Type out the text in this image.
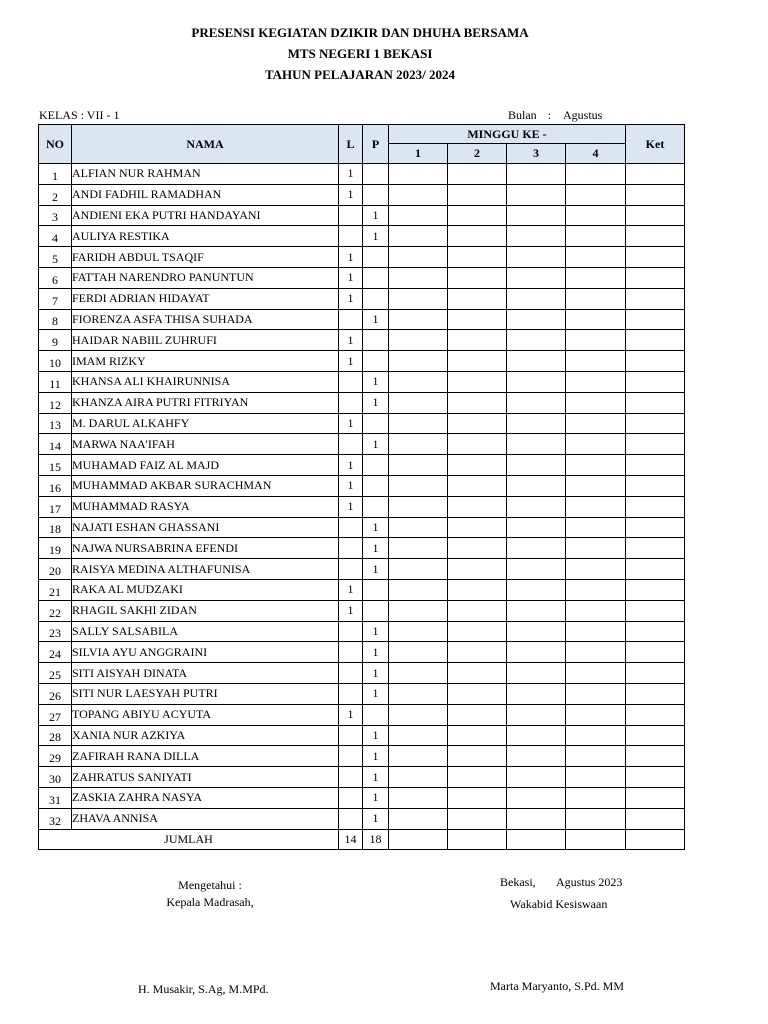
PRESENSI KEGIATAN DZIKIR DAN DHUHA BERSAMA
MTS NEGERI 1 BEKASI
TAHUN PELAJARAN 2023/ 2024
KELAS : VII - 1	Bulan : Agustus
NO	NAMA	L	P	MINGGU KE -				Ket
				1	2	3	4	
1	ALFIAN NUR RAHMAN	1						
2	ANDI FADHIL RAMADHAN	1						
3	ANDIENI EKA PUTRI HANDAYANI		1					
4	AULIYA RESTIKA		1					
5	FARIDH ABDUL TSAQIF	1						
6	FATTAH NARENDRO PANUNTUN	1						
7	FERDI ADRIAN HIDAYAT	1						
8	FIORENZA ASFA THISA SUHADA		1					
9	HAIDAR NABIIL ZUHRUFI	1						
10	IMAM RIZKY	1						
11	KHANSA ALI KHAIRUNNISA		1					
12	KHANZA AIRA PUTRI FITRIYAN		1					
13	M. DARUL ALKAHFY	1						
14	MARWA NAA'IFAH		1					
15	MUHAMAD FAIZ AL MAJD	1						
16	MUHAMMAD AKBAR SURACHMAN	1						
17	MUHAMMAD RASYA	1						
18	NAJATI ESHAN GHASSANI		1					
19	NAJWA NURSABRINA EFENDI		1					
20	RAISYA MEDINA ALTHAFUNISA		1					
21	RAKA AL MUDZAKI	1						
22	RHAGIL SAKHI ZIDAN	1						
23	SALLY SALSABILA		1					
24	SILVIA AYU ANGGRAINI		1					
25	SITI AISYAH DINATA		1					
26	SITI NUR LAESYAH PUTRI		1					
27	TOPANG ABIYU ACYUTA	1						
28	XANIA NUR AZKIYA		1					
29	ZAFIRAH RANA DILLA		1					
30	ZAHRATUS SANIYATI		1					
31	ZASKIA ZAHRA NASYA		1					
32	ZHAVA ANNISA		1					
JUMLAH		14	18					
Mengetahui :
Kepala Madrasah,
Bekasi, Agustus 2023
Wakabid Kesiswaan
H. Musakir, S.Ag, M.MPd.	Marta Maryanto, S.Pd. MM
